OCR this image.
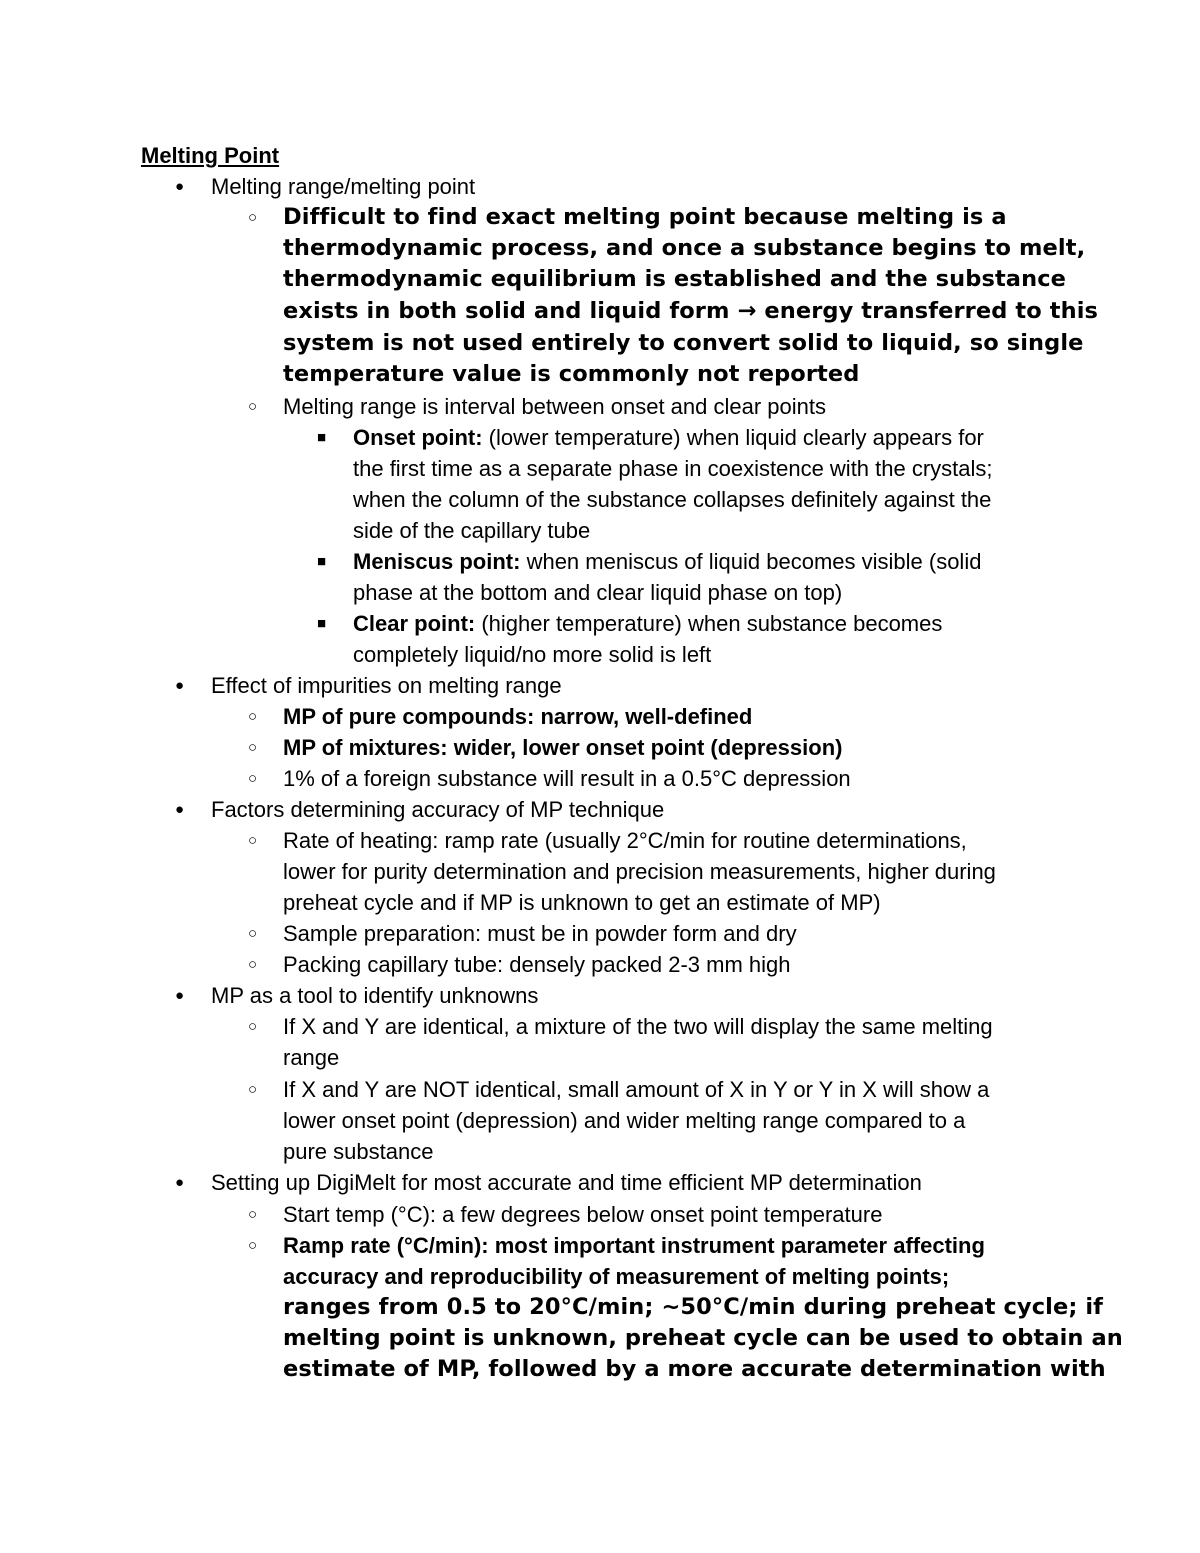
Melting Point
● Melting range/melting point
○ Difficult to find exact melting point because melting is a
thermodynamic process, and once a substance begins to melt,
thermodynamic equilibrium is established and the substance
exists in both solid and liquid form → energy transferred to this
system is not used entirely to convert solid to liquid, so single
temperature value is commonly not reported
○ Melting range is interval between onset and clear points
■ Onset point: (lower temperature) when liquid clearly appears for
the first time as a separate phase in coexistence with the crystals;
when the column of the substance collapses definitely against the
side of the capillary tube
■ Meniscus point: when meniscus of liquid becomes visible (solid
phase at the bottom and clear liquid phase on top)
■ Clear point: (higher temperature) when substance becomes
completely liquid/no more solid is left
● Effect of impurities on melting range
○ MP of pure compounds: narrow, well-defined
○ MP of mixtures: wider, lower onset point (depression)
○ 1% of a foreign substance will result in a 0.5°C depression
● Factors determining accuracy of MP technique
○ Rate of heating: ramp rate (usually 2°C/min for routine determinations,
lower for purity determination and precision measurements, higher during
preheat cycle and if MP is unknown to get an estimate of MP)
○ Sample preparation: must be in powder form and dry
○ Packing capillary tube: densely packed 2-3 mm high
● MP as a tool to identify unknowns
○ If X and Y are identical, a mixture of the two will display the same melting
range
○ If X and Y are NOT identical, small amount of X in Y or Y in X will show a
lower onset point (depression) and wider melting range compared to a
pure substance
● Setting up DigiMelt for most accurate and time efficient MP determination
○ Start temp (°C): a few degrees below onset point temperature
○ Ramp rate (°C/min): most important instrument parameter affecting
accuracy and reproducibility of measurement of melting points;
ranges from 0.5 to 20°C/min; ~50°C/min during preheat cycle; if
melting point is unknown, preheat cycle can be used to obtain an
estimate of MP, followed by a more accurate determination with
